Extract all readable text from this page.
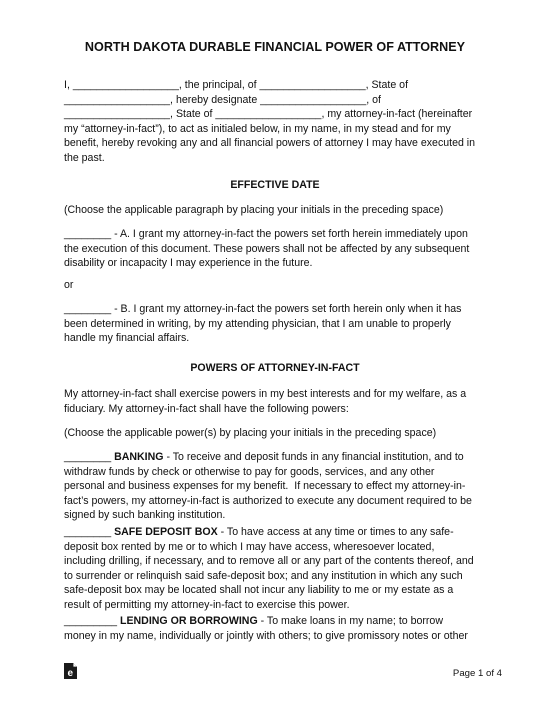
NORTH DAKOTA DURABLE FINANCIAL POWER OF ATTORNEY
I, __________________, the principal, of __________________, State of
__________________, hereby designate __________________, of
__________________, State of __________________, my attorney-in-fact (hereinafter
my “attorney-in-fact”), to act as initialed below, in my name, in my stead and for my
benefit, hereby revoking any and all financial powers of attorney I may have executed in
the past.
EFFECTIVE DATE
(Choose the applicable paragraph by placing your initials in the preceding space)
________ - A. I grant my attorney-in-fact the powers set forth herein immediately upon
the execution of this document. These powers shall not be affected by any subsequent
disability or incapacity I may experience in the future.
or
________ - B. I grant my attorney-in-fact the powers set forth herein only when it has
been determined in writing, by my attending physician, that I am unable to properly
handle my financial affairs.
POWERS OF ATTORNEY-IN-FACT
My attorney-in-fact shall exercise powers in my best interests and for my welfare, as a
fiduciary. My attorney-in-fact shall have the following powers:
(Choose the applicable power(s) by placing your initials in the preceding space)
________ BANKING - To receive and deposit funds in any financial institution, and to
withdraw funds by check or otherwise to pay for goods, services, and any other
personal and business expenses for my benefit.  If necessary to effect my attorney-in-
fact’s powers, my attorney-in-fact is authorized to execute any document required to be
signed by such banking institution.
________ SAFE DEPOSIT BOX - To have access at any time or times to any safe-
deposit box rented by me or to which I may have access, wheresoever located,
including drilling, if necessary, and to remove all or any part of the contents thereof, and
to surrender or relinquish said safe-deposit box; and any institution in which any such
safe-deposit box may be located shall not incur any liability to me or my estate as a
result of permitting my attorney-in-fact to exercise this power.
_________ LENDING OR BORROWING - To make loans in my name; to borrow
money in my name, individually or jointly with others; to give promissory notes or other
e	Page 1 of 4
